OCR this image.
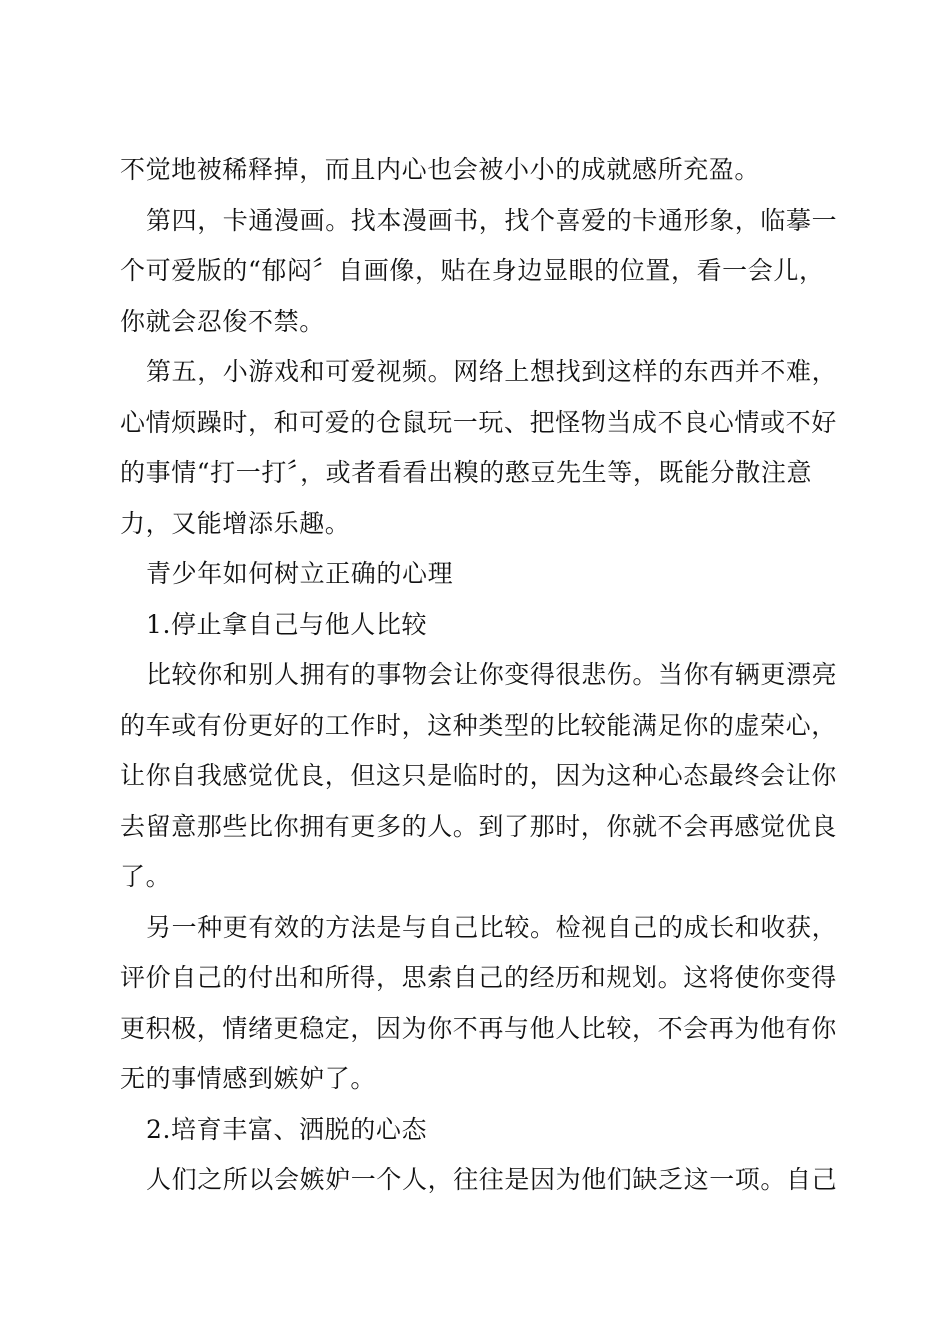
不觉地被稀释掉，而且内心也会被小小的成就感所充盈。
第四，卡通漫画。找本漫画书，找个喜爱的卡通形象，临摹一
个可爱版的“郁闷〞自画像，贴在身边显眼的位置，看一会儿，
你就会忍俊不禁。
第五，小游戏和可爱视频。网络上想找到这样的东西并不难，
心情烦躁时，和可爱的仓鼠玩一玩、把怪物当成不良心情或不好
的事情“打一打〞，或者看看出糗的憨豆先生等，既能分散注意
力，又能增添乐趣。
青少年如何树立正确的心理
1.停止拿自己与他人比较
比较你和别人拥有的事物会让你变得很悲伤。当你有辆更漂亮
的车或有份更好的工作时，这种类型的比较能满足你的虚荣心，
让你自我感觉优良，但这只是临时的，因为这种心态最终会让你
去留意那些比你拥有更多的人。到了那时，你就不会再感觉优良
了。
另一种更有效的方法是与自己比较。检视自己的成长和收获，
评价自己的付出和所得，思索自己的经历和规划。这将使你变得
更积极，情绪更稳定，因为你不再与他人比较，不会再为他有你
无的事情感到嫉妒了。
2.培育丰富、洒脱的心态
人们之所以会嫉妒一个人，往往是因为他们缺乏这一项。自己
